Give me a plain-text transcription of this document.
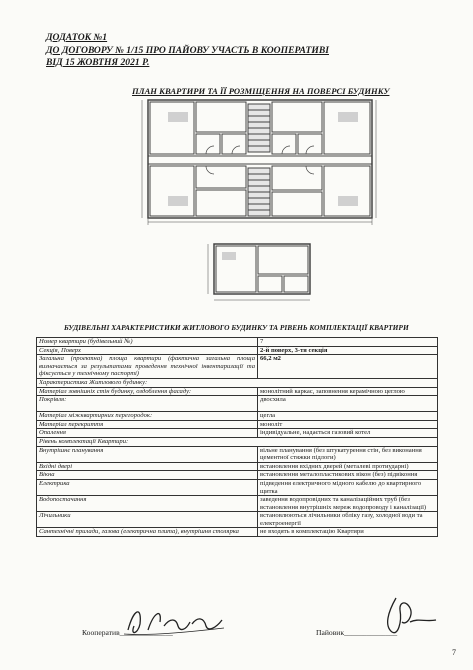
ДОДАТОК №1
ДО ДОГОВОРУ № 1/15 ПРО ПАЙОВУ УЧАСТЬ В КООПЕРАТИВІ
ВІД 15 ЖОВТНЯ 2021 Р.
ПЛАН КВАРТИРИ ТА ЇЇ РОЗМІЩЕННЯ НА ПОВЕРСІ БУДИНКУ
БУДІВЕЛЬНІ ХАРАКТЕРИСТИКИ ЖИТЛОВОГО БУДИНКУ ТА РІВЕНЬ КОМПЛЕКТАЦІЇ КВАРТИРИ
Номер квартири (будівельний №)	7
Секція, Поверх	2-й поверх, 3-тя секція
Загальна (проектна) площа квартири (фактична загальна площа визначається за результатами проведення технічної інвентаризації та фіксується у технічному паспорті)	66,2 м2
Характеристика Житлового будинку:	
Матеріал зовнішніх стін будинку, оздоблення фасаду:	монолітний каркас, заповнення керамічною цеглою
Покрівля:	двосхила
Матеріал міжквартирних перегородок:	цегла
Матеріал перекриття	моноліт
Опалення	індивідуальне, надається газовий котел
Рівень комплектації Квартири:	
Внутрішнє планування	вільне планування (без штукатурення стін, без виконання цементної стяжки підлоги)
Вхідні двері	встановлення вхідних дверей (металеві протиударні)
Вікна	встановлення металопластикових вікон (без) підвіконня
Електрика	підведення електричного мідного кабелю до квартирного щитка
Водопостачання	заведення водопровідних та каналізаційних труб (без встановлення внутрішніх мереж водопроводу і каналізації)
Лічильники	встановлюються лічильники обліку газу, холодної води та електроенергії
Сантехнічні прилади, газова (електрична плита), внутрішня столярка	не входять в комплектацію Квартири
Кооператив______________	Пайовик______________
7
